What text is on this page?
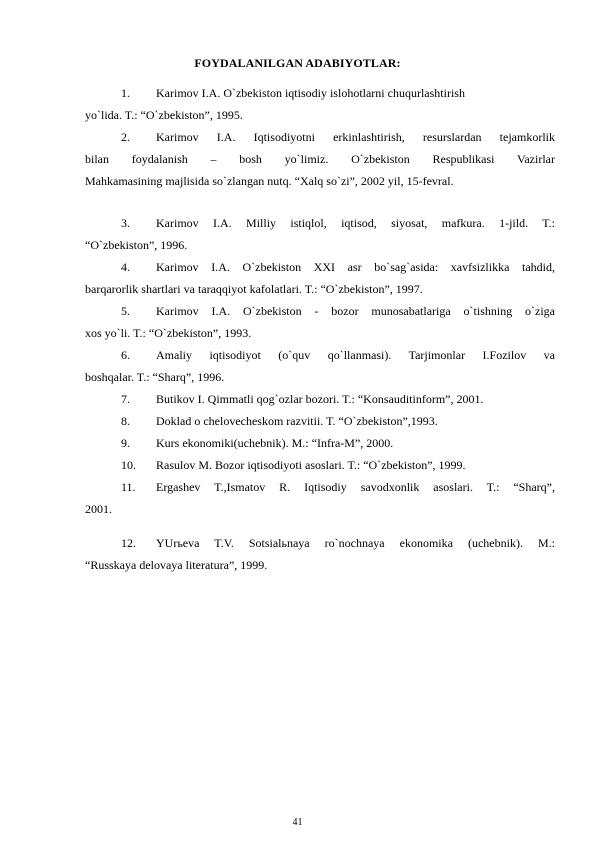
FOYDALANILGAN ADABIYOTLAR:
1. Karimov I.A. O`zbekiston iqtisodiy islohotlarni chuqurlashtirish
yo`lida. T.: “O`zbekiston”, 1995.
2. Karimov I.A. Iqtisodiyotni erkinlashtirish, resurslardan tejamkorlik
bilan foydalanish – bosh yo`limiz. O`zbekiston Respublikasi Vazirlar
Mahkamasining majlisida so`zlangan nutq. “Xalq so`zi”, 2002 yil, 15-fevral.
3. Karimov I.A. Milliy istiqlol, iqtisod, siyosat, mafkura. 1-jild. T.:
“O`zbekiston”, 1996.
4. Karimov I.A. O`zbekiston XXI asr bo`sag`asida: xavfsizlikka tahdid,
barqarorlik shartlari va taraqqiyot kafolatlari. T.: “O`zbekiston”, 1997.
5. Karimov I.A. O`zbekiston - bozor munosabatlariga o`tishning o`ziga
xos yo`li. T.: “O`zbekiston”, 1993.
6. Amaliy iqtisodiyot (o`quv qo`llanmasi). Tarjimonlar I.Fozilov va
boshqalar. T.: “Sharq”, 1996.
7. Butikov I. Qimmatli qog`ozlar bozori. T.: “Konsauditinform”, 2001.
8. Doklad o chelovecheskom razvitii. T. “O`zbekiston”,1993.
9. Kurs ekonomiki(uchebnik). M.: “Infra-M”, 2000.
10. Rasulov M. Bozor iqtisodiyoti asoslari. T.: “O`zbekiston”, 1999.
11. Ergashev T.,Ismatov R. Iqtisodiy savodxonlik asoslari. T.: “Sharq”,
2001.
12. YUrьeva T.V. Sotsialьnaya ro`nochnaya ekonomika (uchebnik). M.:
“Russkaya delovaya literatura”, 1999.
41
